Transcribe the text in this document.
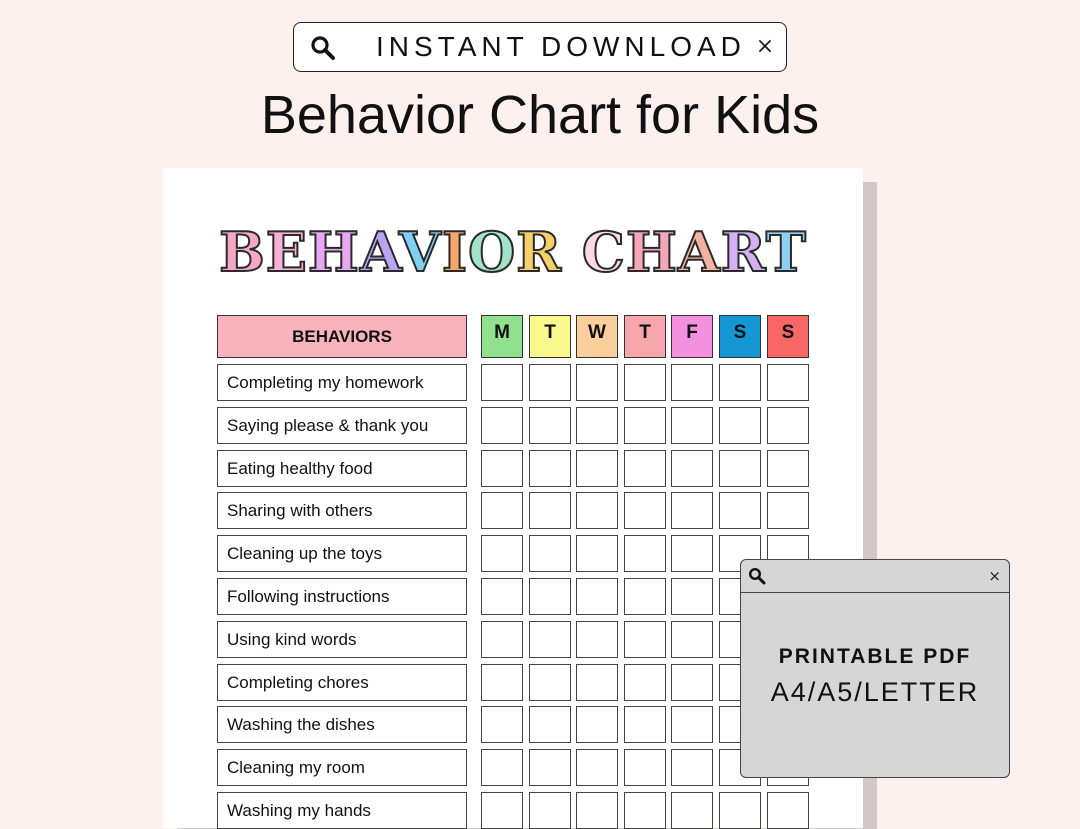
INSTANT DOWNLOAD ×
Behavior Chart for Kids
BEHAVIOR CHART
BEHAVIORS	M	T	W	T	F	S	S
Completing my homework
Saying please & thank you
Eating healthy food
Sharing with others
Cleaning up the toys
Following instructions
Using kind words
Completing chores
Washing the dishes
Cleaning my room
Washing my hands
×
PRINTABLE PDF
A4/A5/LETTER
